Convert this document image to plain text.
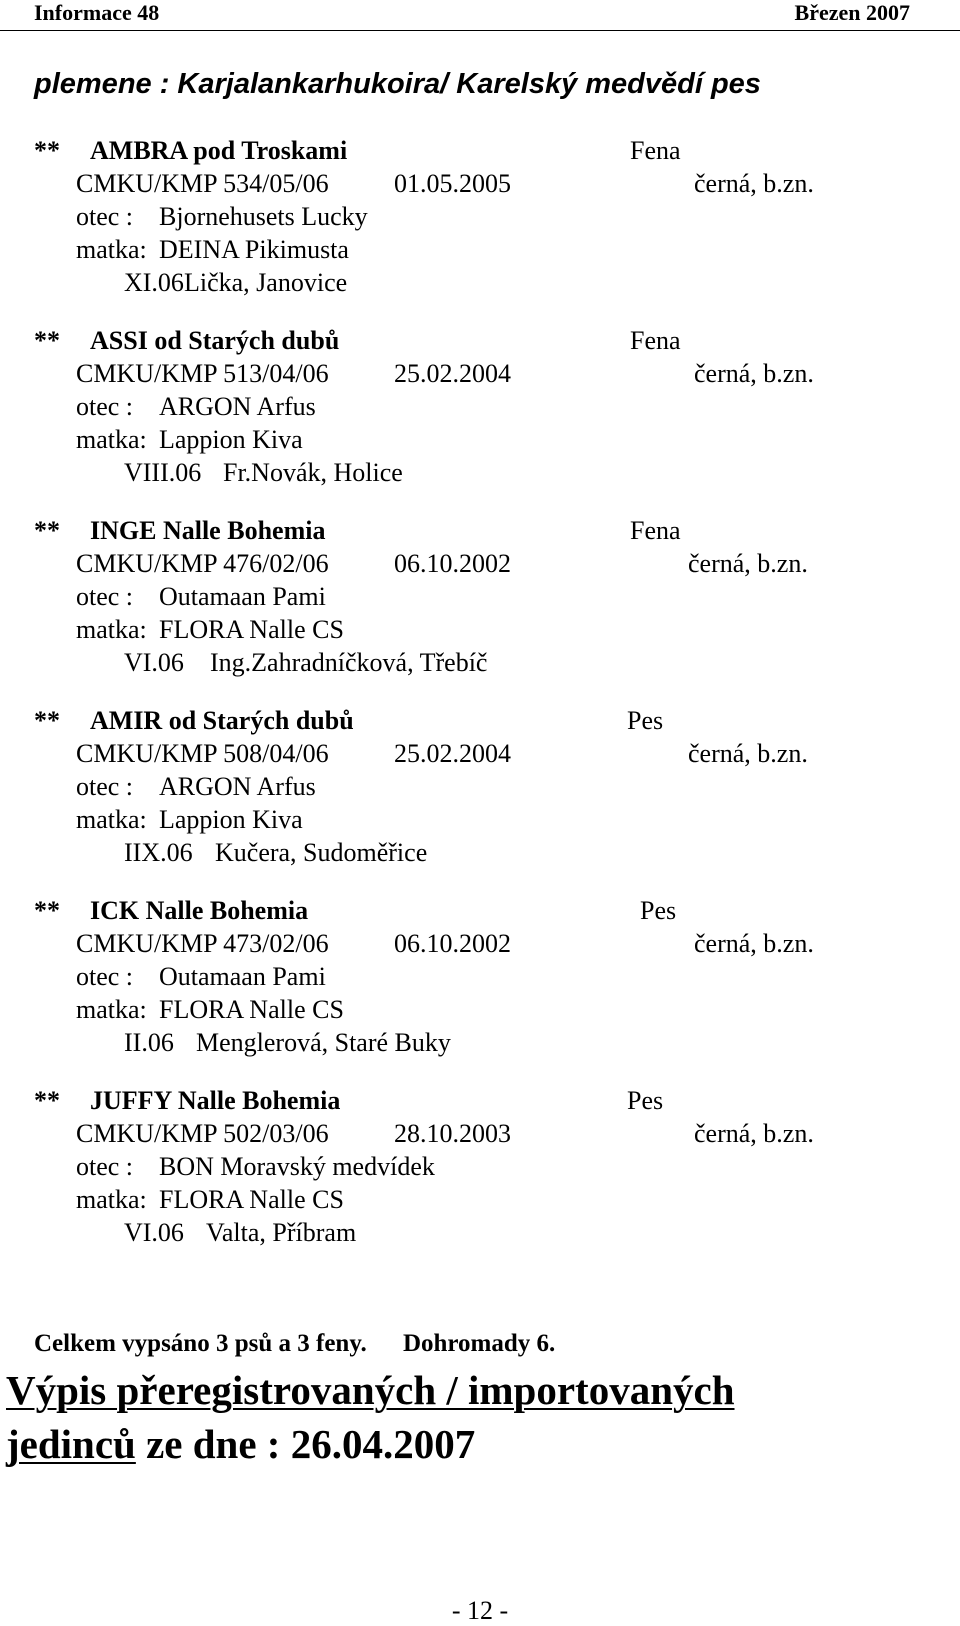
Informace 48	Březen 2007
plemene : Karjalankarhukoira/ Karelský medvědí pes
** AMBRA pod Troskami	Fena
CMKU/KMP 534/05/06	01.05.2005	černá, b.zn.
otec : Bjornehusets Lucky
matka: DEINA Pikimusta
XI.06 Lička, Janovice
** ASSI od Starých dubů	Fena
CMKU/KMP 513/04/06	25.02.2004	černá, b.zn.
otec : ARGON Arfus
matka: Lappion Kiva
VIII.06 Fr.Novák, Holice
** INGE Nalle Bohemia	Fena
CMKU/KMP 476/02/06	06.10.2002	černá, b.zn.
otec : Outamaan Pami
matka: FLORA Nalle CS
VI.06 Ing.Zahradníčková, Třebíč
** AMIR od Starých dubů	Pes
CMKU/KMP 508/04/06	25.02.2004	černá, b.zn.
otec : ARGON Arfus
matka: Lappion Kiva
IIX.06 Kučera, Sudoměřice
** ICK Nalle Bohemia	Pes
CMKU/KMP 473/02/06	06.10.2002	černá, b.zn.
otec : Outamaan Pami
matka: FLORA Nalle CS
II.06 Menglerová, Staré Buky
** JUFFY Nalle Bohemia	Pes
CMKU/KMP 502/03/06	28.10.2003	černá, b.zn.
otec : BON Moravský medvídek
matka: FLORA Nalle CS
VI.06 Valta, Příbram
Celkem vypsáno 3 psů a 3 feny. Dohromady 6.
Výpis přeregistrovaných / importovaných
jedinců ze dne : 26.04.2007
- 12 -
